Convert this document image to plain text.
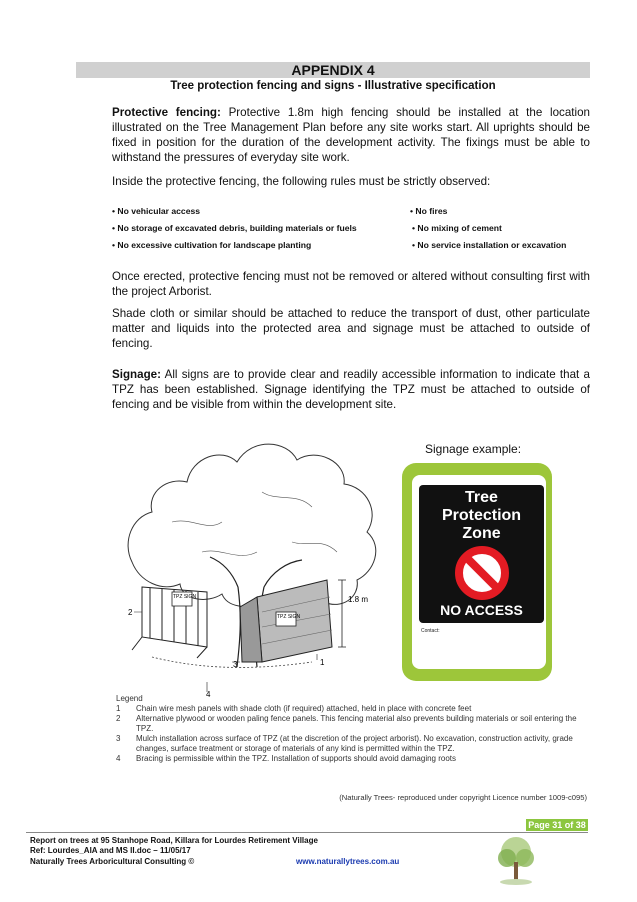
APPENDIX 4
Tree protection fencing and signs - Illustrative specification
Protective fencing: Protective 1.8m high fencing should be installed at the location illustrated on the Tree Management Plan before any site works start. All uprights should be fixed in position for the duration of the development activity. The fixings must be able to withstand the pressures of everyday site work.
Inside the protective fencing, the following rules must be strictly observed:
• No vehicular access
• No storage of excavated debris, building materials or fuels
• No excessive cultivation for landscape planting
• No fires
• No mixing of cement
• No service installation or excavation
Once erected, protective fencing must not be removed or altered without consulting first with the project Arborist.
Shade cloth or similar should be attached to reduce the transport of dust, other particulate matter and liquids into the protected area and signage must be attached to outside of fencing.
Signage: All signs are to provide clear and readily accessible information to indicate that a TPZ has been established. Signage identifying the TPZ must be attached to outside of fencing and be visible from within the development site.
TPZ SIGN
TPZ SIGN
1.8 m
2
1
3
4
Signage example:
Tree
Protection
Zone
NO ACCESS
Contact:
Legend
1	Chain wire mesh panels with shade cloth (if required) attached, held in place with concrete feet
2	Alternative plywood or wooden paling fence panels. This fencing material also prevents building materials or soil entering the TPZ.
3	Mulch installation across surface of TPZ (at the discretion of the project arborist). No excavation, construction activity, grade changes, surface treatment or storage of materials of any kind is permitted within the TPZ.
4	Bracing is permissible within the TPZ. Installation of supports should avoid damaging roots
(Naturally Trees- reproduced under copyright Licence number 1009-c095)
Page 31 of 38
Report on trees at 95 Stanhope Road, Killara for Lourdes Retirement Village
Ref: Lourdes_AIA and MS II.doc – 11/05/17
Naturally Trees Arboricultural Consulting ©	www.naturallytrees.com.au
